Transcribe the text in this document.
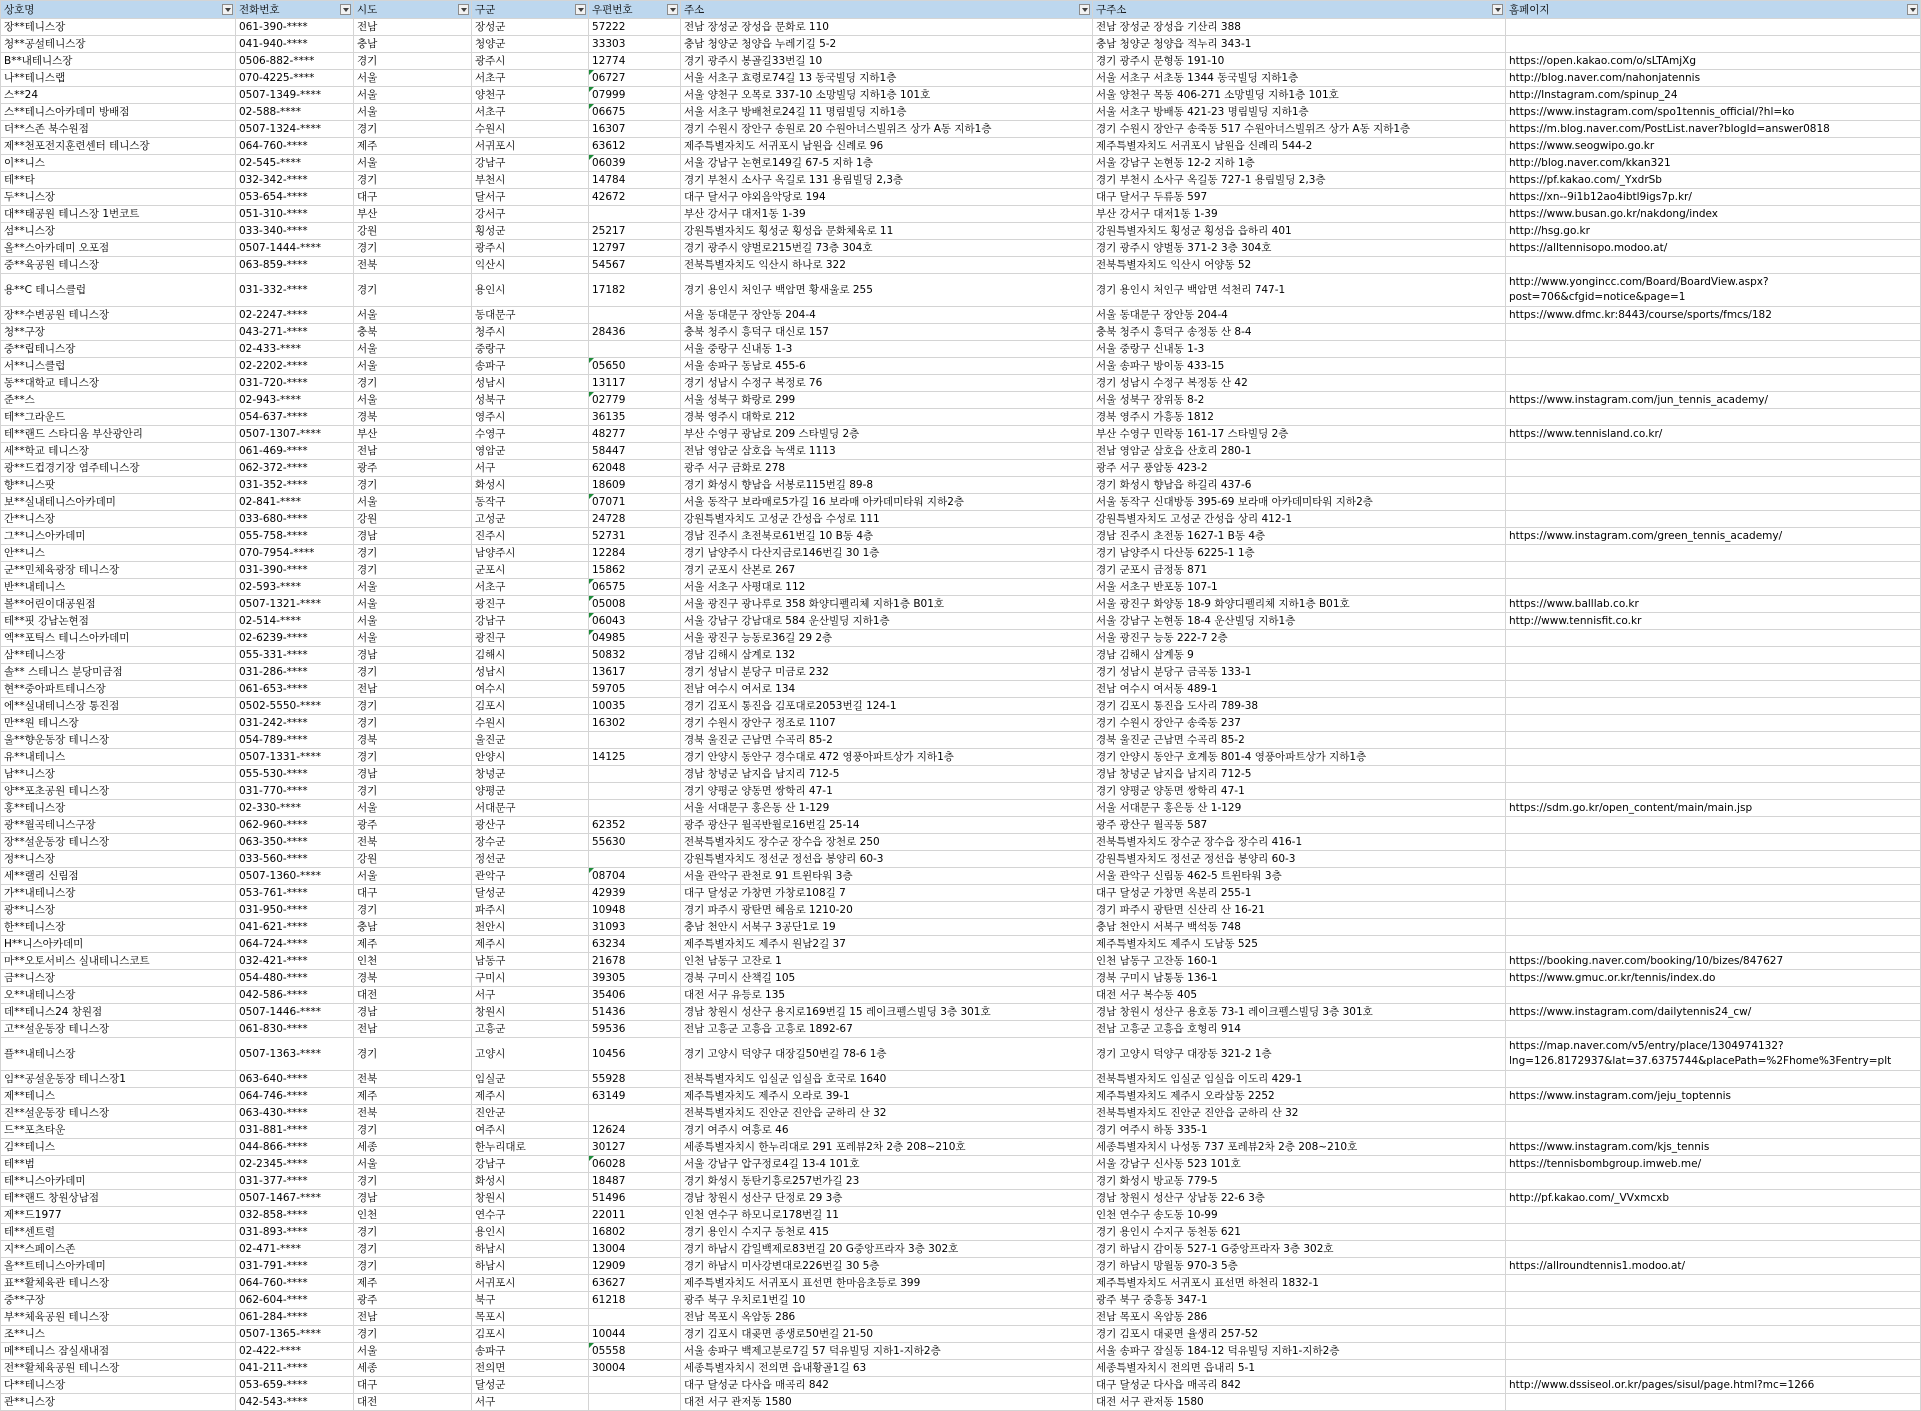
상호명	전화번호	시도	구군	우편번호	주소	구주소	홈페이지

장**테니스장	061-390-****	전남	장성군	57222	전남 장성군 장성읍 문화로 110	전남 장성군 장성읍 기산리 388	
청**공설테니스장	041-940-****	충남	청양군	33303	충남 청양군 청양읍 누레기길 5-2	충남 청양군 청양읍 적누리 343-1	
B**내테니스장	0506-882-****	경기	광주시	12774	경기 광주시 봉골길33번길 10	경기 광주시 문형동 191-10	https://open.kakao.com/o/sLTAmjXg
나**테니스랩	070-4225-****	서울	서초구	06727	서울 서초구 효령로74길 13 동국빌딩 지하1층	서울 서초구 서초동 1344 동국빌딩 지하1층	http://blog.naver.com/nahonjatennis
스**24	0507-1349-****	서울	양천구	07999	서울 양천구 오목로 337-10 소망빌딩 지하1층 101호	서울 양천구 목동 406-271 소망빌딩 지하1층 101호	http://Instagram.com/spinup_24
스**테니스아카데미 방배점	02-588-****	서울	서초구	06675	서울 서초구 방배천로24길 11 명림빌딩 지하1층	서울 서초구 방배동 421-23 명림빌딩 지하1층	https://www.instagram.com/spo1tennis_official/?hl=ko
더**스존 북수원점	0507-1324-****	경기	수원시	16307	경기 수원시 장안구 송원로 20 수원아너스빌위즈 상가 A동 지하1층	경기 수원시 장안구 송죽동 517 수원아너스빌위즈 상가 A동 지하1층	https://m.blog.naver.com/PostList.naver?blogId=answer0818
제**천포전지훈련센터 테니스장	064-760-****	제주	서귀포시	63612	제주특별자치도 서귀포시 남원읍 신례로 96	제주특별자치도 서귀포시 남원읍 신례리 544-2	https://www.seogwipo.go.kr
이**니스	02-545-****	서울	강남구	06039	서울 강남구 논현로149길 67-5 지하 1층	서울 강남구 논현동 12-2 지하 1층	http://blog.naver.com/kkan321
테**타	032-342-****	경기	부천시	14784	경기 부천시 소사구 옥길로 131 용림빌딩 2,3층	경기 부천시 소사구 옥길동 727-1 용림빌딩 2,3층	https://pf.kakao.com/_YxdrSb
두**니스장	053-654-****	대구	달서구	42672	대구 달서구 야외음악당로 194	대구 달서구 두류동 597	https://xn--9i1b12ao4ibtl9igs7p.kr/
대**태공원 테니스장 1번코트	051-310-****	부산	강서구		부산 강서구 대저1동 1-39	부산 강서구 대저1동 1-39	https://www.busan.go.kr/nakdong/index
섬**니스장	033-340-****	강원	횡성군	25217	강원특별자치도 횡성군 횡성읍 문화체육로 11	강원특별자치도 횡성군 횡성읍 읍하리 401	http://hsg.go.kr
올**스아카데미 오포점	0507-1444-****	경기	광주시	12797	경기 광주시 양벌로215번길 73층 304호	경기 광주시 양벌동 371-2 3층 304호	https://alltennisopo.modoo.at/
중**육공원 테니스장	063-859-****	전북	익산시	54567	전북특별자치도 익산시 하나로 322	전북특별자치도 익산시 어양동 52	
용**C 테니스클럽	031-332-****	경기	용인시	17182	경기 용인시 처인구 백암면 황새울로 255	경기 용인시 처인구 백암면 석천리 747-1	http://www.yongincc.com/Board/BoardView.aspx?post=706&cfgid=notice&page=1
장**수변공원 테니스장	02-2247-****	서울	동대문구		서울 동대문구 장안동 204-4	서울 동대문구 장안동 204-4	https://www.dfmc.kr:8443/course/sports/fmcs/182
청**구장	043-271-****	충북	청주시	28436	충북 청주시 흥덕구 대신로 157	충북 청주시 흥덕구 송정동 산 8-4	
중**립테니스장	02-433-****	서울	중랑구		서울 중랑구 신내동 1-3	서울 중랑구 신내동 1-3	
서**니스클럽	02-2202-****	서울	송파구	05650	서울 송파구 동남로 455-6	서울 송파구 방이동 433-15	
동**대학교 테니스장	031-720-****	경기	성남시	13117	경기 성남시 수정구 복정로 76	경기 성남시 수정구 복정동 산 42	
준**스	02-943-****	서울	성북구	02779	서울 성북구 화랑로 299	서울 성북구 장위동 8-2	https://www.instagram.com/jun_tennis_academy/
테**그라운드	054-637-****	경북	영주시	36135	경북 영주시 대학로 212	경북 영주시 가흥동 1812	
테**랜드 스타디움 부산광안리	0507-1307-****	부산	수영구	48277	부산 수영구 광남로 209 스타빌딩 2층	부산 수영구 민락동 161-17 스타빌딩 2층	https://www.tennisland.co.kr/
세**학교 테니스장	061-469-****	전남	영암군	58447	전남 영암군 삼호읍 녹색로 1113	전남 영암군 삼호읍 산호리 280-1	
광**드컵경기장 염주테니스장	062-372-****	광주	서구	62048	광주 서구 금화로 278	광주 서구 풍암동 423-2	
향**니스팟	031-352-****	경기	화성시	18609	경기 화성시 향남읍 서봉로115번길 89-8	경기 화성시 향남읍 하길리 437-6	
보**실내테니스아카데미	02-841-****	서울	동작구	07071	서울 동작구 보라매로5가길 16 보라매 아카데미타워 지하2층	서울 동작구 신대방동 395-69 보라매 아카데미타워 지하2층	
간**니스장	033-680-****	강원	고성군	24728	강원특별자치도 고성군 간성읍 수성로 111	강원특별자치도 고성군 간성읍 상리 412-1	
그**니스아카데미	055-758-****	경남	진주시	52731	경남 진주시 초전북로61번길 10 B동 4층	경남 진주시 초전동 1627-1 B동 4층	https://www.instagram.com/green_tennis_academy/
안**니스	070-7954-****	경기	남양주시	12284	경기 남양주시 다산지금로146번길 30 1층	경기 남양주시 다산동 6225-1 1층	
군**민체육광장 테니스장	031-390-****	경기	군포시	15862	경기 군포시 산본로 267	경기 군포시 금정동 871	
반**내테니스	02-593-****	서울	서초구	06575	서울 서초구 사평대로 112	서울 서초구 반포동 107-1	
볼**어린이대공원점	0507-1321-****	서울	광진구	05008	서울 광진구 광나루로 358 화양디펠리체 지하1층 B01호	서울 광진구 화양동 18-9 화양디펠리체 지하1층 B01호	https://www.balllab.co.kr
테**핏 강남논현점	02-514-****	서울	강남구	06043	서울 강남구 강남대로 584 운산빌딩 지하1층	서울 강남구 논현동 18-4 운산빌딩 지하1층	http://www.tennisfit.co.kr
엑**포틱스 테니스아카데미	02-6239-****	서울	광진구	04985	서울 광진구 능동로36길 29 2층	서울 광진구 능동 222-7 2층	
삼**테니스장	055-331-****	경남	김해시	50832	경남 김해시 삼계로 132	경남 김해시 삼계동 9	
솔** 스테니스 분당미금점	031-286-****	경기	성남시	13617	경기 성남시 분당구 미금로 232	경기 성남시 분당구 금곡동 133-1	
현**중아파트테니스장	061-653-****	전남	여수시	59705	전남 여수시 여서로 134	전남 여수시 여서동 489-1	
에**실내테니스장 통진점	0502-5550-****	경기	김포시	10035	경기 김포시 통진읍 김포대로2053번길 124-1	경기 김포시 통진읍 도사리 789-38	
만**원 테니스장	031-242-****	경기	수원시	16302	경기 수원시 장안구 정조로 1107	경기 수원시 장안구 송죽동 237	
울**향운동장 테니스장	054-789-****	경북	울진군		경북 울진군 근남면 수곡리 85-2	경북 울진군 근남면 수곡리 85-2	
유**내테니스	0507-1331-****	경기	안양시	14125	경기 안양시 동안구 경수대로 472 영풍아파트상가 지하1층	경기 안양시 동안구 호계동 801-4 영풍아파트상가 지하1층	
남**니스장	055-530-****	경남	창녕군		경남 창녕군 남지읍 남지리 712-5	경남 창녕군 남지읍 남지리 712-5	
양**포초공원 테니스장	031-770-****	경기	양평군		경기 양평군 양동면 쌍학리 47-1	경기 양평군 양동면 쌍학리 47-1	
홍**테니스장	02-330-****	서울	서대문구		서울 서대문구 홍은동 산 1-129	서울 서대문구 홍은동 산 1-129	https://sdm.go.kr/open_content/main/main.jsp
광**월곡테니스구장	062-960-****	광주	광산구	62352	광주 광산구 월곡반월로16번길 25-14	광주 광산구 월곡동 587	
장**설운동장 테니스장	063-350-****	전북	장수군	55630	전북특별자치도 장수군 장수읍 장천로 250	전북특별자치도 장수군 장수읍 장수리 416-1	
정**니스장	033-560-****	강원	정선군		강원특별자치도 정선군 정선읍 봉양리 60-3	강원특별자치도 정선군 정선읍 봉양리 60-3	
세**랠리 신림점	0507-1360-****	서울	관악구	08704	서울 관악구 관천로 91 트윈타워 3층	서울 관악구 신림동 462-5 트윈타워 3층	
가**내테니스장	053-761-****	대구	달성군	42939	대구 달성군 가창면 가창로108길 7	대구 달성군 가창면 옥분리 255-1	
광**니스장	031-950-****	경기	파주시	10948	경기 파주시 광탄면 혜음로 1210-20	경기 파주시 광탄면 신산리 산 16-21	
한**테니스장	041-621-****	충남	천안시	31093	충남 천안시 서북구 3공단1로 19	충남 천안시 서북구 백석동 748	
H**니스아카데미	064-724-****	제주	제주시	63234	제주특별자치도 제주시 원남2길 37	제주특별자치도 제주시 도남동 525	
마**오토서비스 실내테니스코트	032-421-****	인천	남동구	21678	인천 남동구 고잔로 1	인천 남동구 고잔동 160-1	https://booking.naver.com/booking/10/bizes/847627
금**니스장	054-480-****	경북	구미시	39305	경북 구미시 산책길 105	경북 구미시 남통동 136-1	https://www.gmuc.or.kr/tennis/index.do
오**내테니스장	042-586-****	대전	서구	35406	대전 서구 유등로 135	대전 서구 복수동 405	
데**테니스24 창원점	0507-1446-****	경남	창원시	51436	경남 창원시 성산구 용지로169번길 15 레이크펠스빌딩 3층 301호	경남 창원시 성산구 용호동 73-1 레이크펠스빌딩 3층 301호	https://www.instagram.com/dailytennis24_cw/
고**설운동장 테니스장	061-830-****	전남	고흥군	59536	전남 고흥군 고흥읍 고흥로 1892-67	전남 고흥군 고흥읍 호형리 914	
플**내테니스장	0507-1363-****	경기	고양시	10456	경기 고양시 덕양구 대장길50번길 78-6 1층	경기 고양시 덕양구 대장동 321-2 1층	https://map.naver.com/v5/entry/place/1304974132?lng=126.8172937&lat=37.6375744&placePath=%2Fhome%3Fentry=plt
임**공설운동장 테니스장1	063-640-****	전북	임실군	55928	전북특별자치도 임실군 임실읍 호국로 1640	전북특별자치도 임실군 임실읍 이도리 429-1	
제**테니스	064-746-****	제주	제주시	63149	제주특별자치도 제주시 오라로 39-1	제주특별자치도 제주시 오라삼동 2252	https://www.instagram.com/jeju_toptennis
진**설운동장 테니스장	063-430-****	전북	진안군		전북특별자치도 진안군 진안읍 군하리 산 32	전북특별자치도 진안군 진안읍 군하리 산 32	
드**포츠타운	031-881-****	경기	여주시	12624	경기 여주시 여흥로 46	경기 여주시 하동 335-1	
김**테니스	044-866-****	세종	한누리대로	30127	세종특별자치시 한누리대로 291 포레뷰2차 2층 208~210호	세종특별자치시 나성동 737 포레뷰2차 2층 208~210호	https://www.instagram.com/kjs_tennis
테**범	02-2345-****	서울	강남구	06028	서울 강남구 압구정로4길 13-4 101호	서울 강남구 신사동 523 101호	https://tennisbombgroup.imweb.me/
테**니스아카데미	031-377-****	경기	화성시	18487	경기 화성시 동탄기흥로257번가길 23	경기 화성시 방교동 779-5	
테**랜드 창원상남점	0507-1467-****	경남	창원시	51496	경남 창원시 성산구 단정로 29 3층	경남 창원시 성산구 상남동 22-6 3층	http://pf.kakao.com/_VVxmcxb
제**드1977	032-858-****	인천	연수구	22011	인천 연수구 하모니로178번길 11	인천 연수구 송도동 10-99	
테**센트럴	031-893-****	경기	용인시	16802	경기 용인시 수지구 동천로 415	경기 용인시 수지구 동천동 621	
지**스페이스존	02-471-****	경기	하남시	13004	경기 하남시 감일백제로83번길 20 G중앙프라자 3층 302호	경기 하남시 감이동 527-1 G중앙프라자 3층 302호	
올**트테니스아카데미	031-791-****	경기	하남시	12909	경기 하남시 미사강변대로226번길 30 5층	경기 하남시 망월동 970-3 5층	https://allroundtennis1.modoo.at/
표**활체육관 테니스장	064-760-****	제주	서귀포시	63627	제주특별자치도 서귀포시 표선면 한마음초등로 399	제주특별자치도 서귀포시 표선면 하천리 1832-1	
중**구장	062-604-****	광주	북구	61218	광주 북구 우치로1번길 10	광주 북구 중흥동 347-1	
부**체육공원 테니스장	061-284-****	전남	목포시		전남 목포시 옥암동 286	전남 목포시 옥암동 286	
조**니스	0507-1365-****	경기	김포시	10044	경기 김포시 대곶면 종생로50번길 21-50	경기 김포시 대곶면 율생리 257-52	
메**테니스 잠실새내점	02-422-****	서울	송파구	05558	서울 송파구 백제고분로7길 57 덕유빌딩 지하1-지하2층	서울 송파구 잠실동 184-12 덕유빌딩 지하1-지하2층	
전**활체육공원 테니스장	041-211-****	세종	전의면	30004	세종특별자치시 전의면 읍내황골1길 63	세종특별자치시 전의면 읍내리 5-1	
다**테니스장	053-659-****	대구	달성군		대구 달성군 다사읍 매곡리 842	대구 달성군 다사읍 매곡리 842	http://www.dssiseol.or.kr/pages/sisul/page.html?mc=1266
관**니스장	042-543-****	대전	서구		대전 서구 관저동 1580	대전 서구 관저동 1580	
